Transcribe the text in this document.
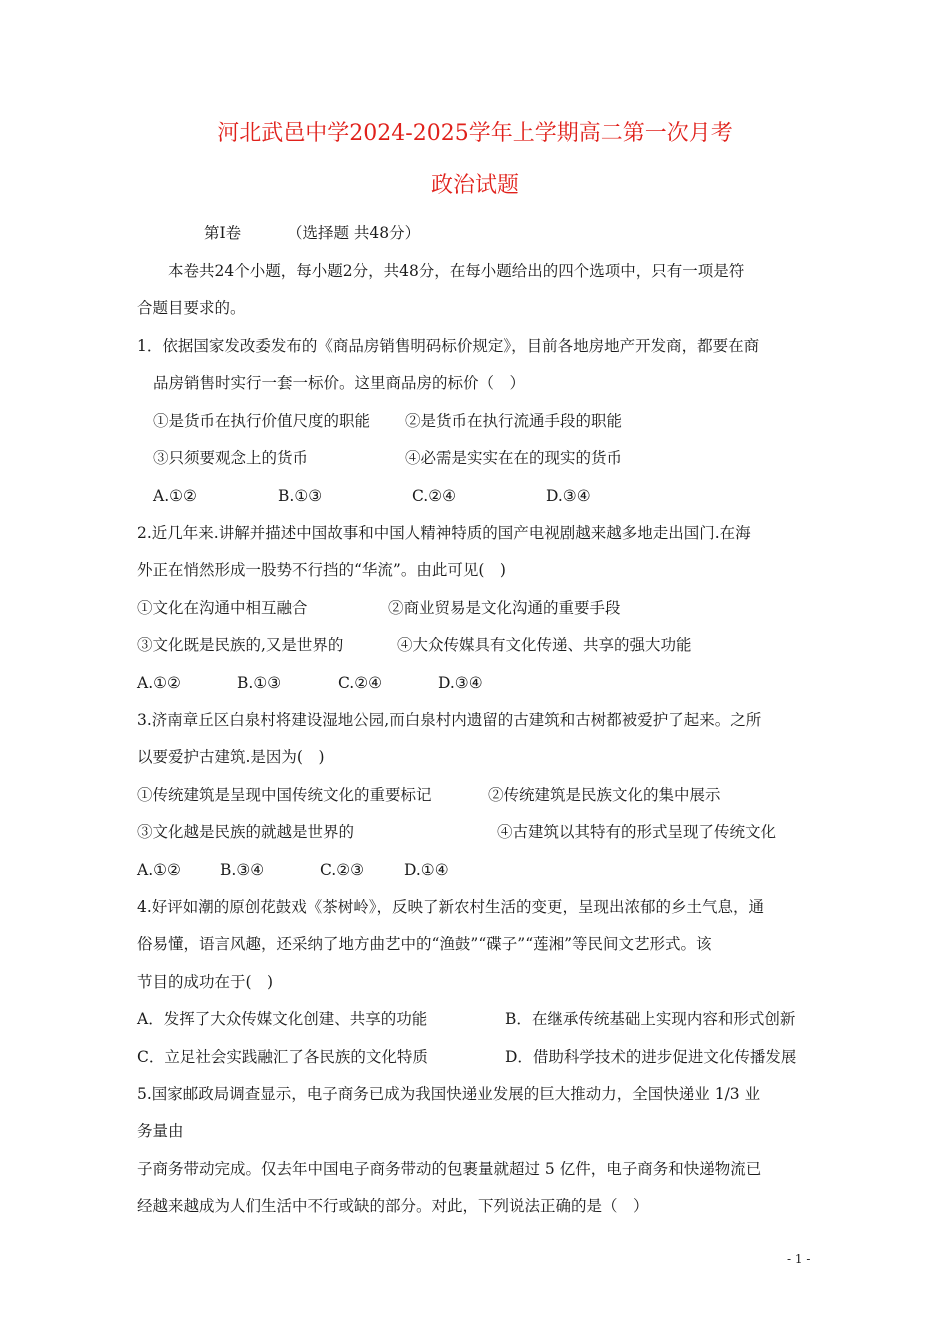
河北武邑中学2024-2025学年上学期高二第一次月考
政治试题
第Ⅰ卷	（选择题 共48分）
本卷共24个小题，每小题2分，共48分，在每小题给出的四个选项中，只有一项是符
合题目要求的。
1．依据国家发改委发布的《商品房销售明码标价规定》，目前各地房地产开发商，都要在商
品房销售时实行一套一标价。这里商品房的标价（　）
①是货币在执行价值尺度的职能 ②是货币在执行流通手段的职能
③只须要观念上的货币	④必需是实实在在的现实的货币
A.①②	B.①③	C.②④	D.③④
2.近几年来.讲解并描述中国故事和中国人精神特质的国产电视剧越来越多地走出国门.在海
外正在悄然形成一股势不行挡的“华流”。由此可见(　)
①文化在沟通中相互融合	②商业贸易是文化沟通的重要手段
③文化既是民族的,又是世界的	④大众传媒具有文化传递、共享的强大功能
A.①②	B.①③	C.②④	D.③④
3.济南章丘区白泉村将建设湿地公园,而白泉村内遗留的古建筑和古树都被爱护了起来。之所
以要爱护古建筑.是因为(　)
①传统建筑是呈现中国传统文化的重要标记	②传统建筑是民族文化的集中展示
③文化越是民族的就越是世界的	④古建筑以其特有的形式呈现了传统文化
A.①②	B.③④	C.②③	D.①④
4.好评如潮的原创花鼓戏《茶树岭》，反映了新农村生活的变更，呈现出浓郁的乡土气息，通
俗易懂，语言风趣，还采纳了地方曲艺中的“渔鼓”“碟子”“莲湘”等民间文艺形式。该
节目的成功在于(　)
A．发挥了大众传媒文化创建、共享的功能	B．在继承传统基础上实现内容和形式创新
C．立足社会实践融汇了各民族的文化特质	D．借助科学技术的进步促进文化传播发展
5.国家邮政局调查显示，电子商务已成为我国快递业发展的巨大推动力，全国快递业 1/3 业
务量由
子商务带动完成。仅去年中国电子商务带动的包裹量就超过 5 亿件，电子商务和快递物流已
经越来越成为人们生活中不行或缺的部分。对此，下列说法正确的是（　）
- 1 -
